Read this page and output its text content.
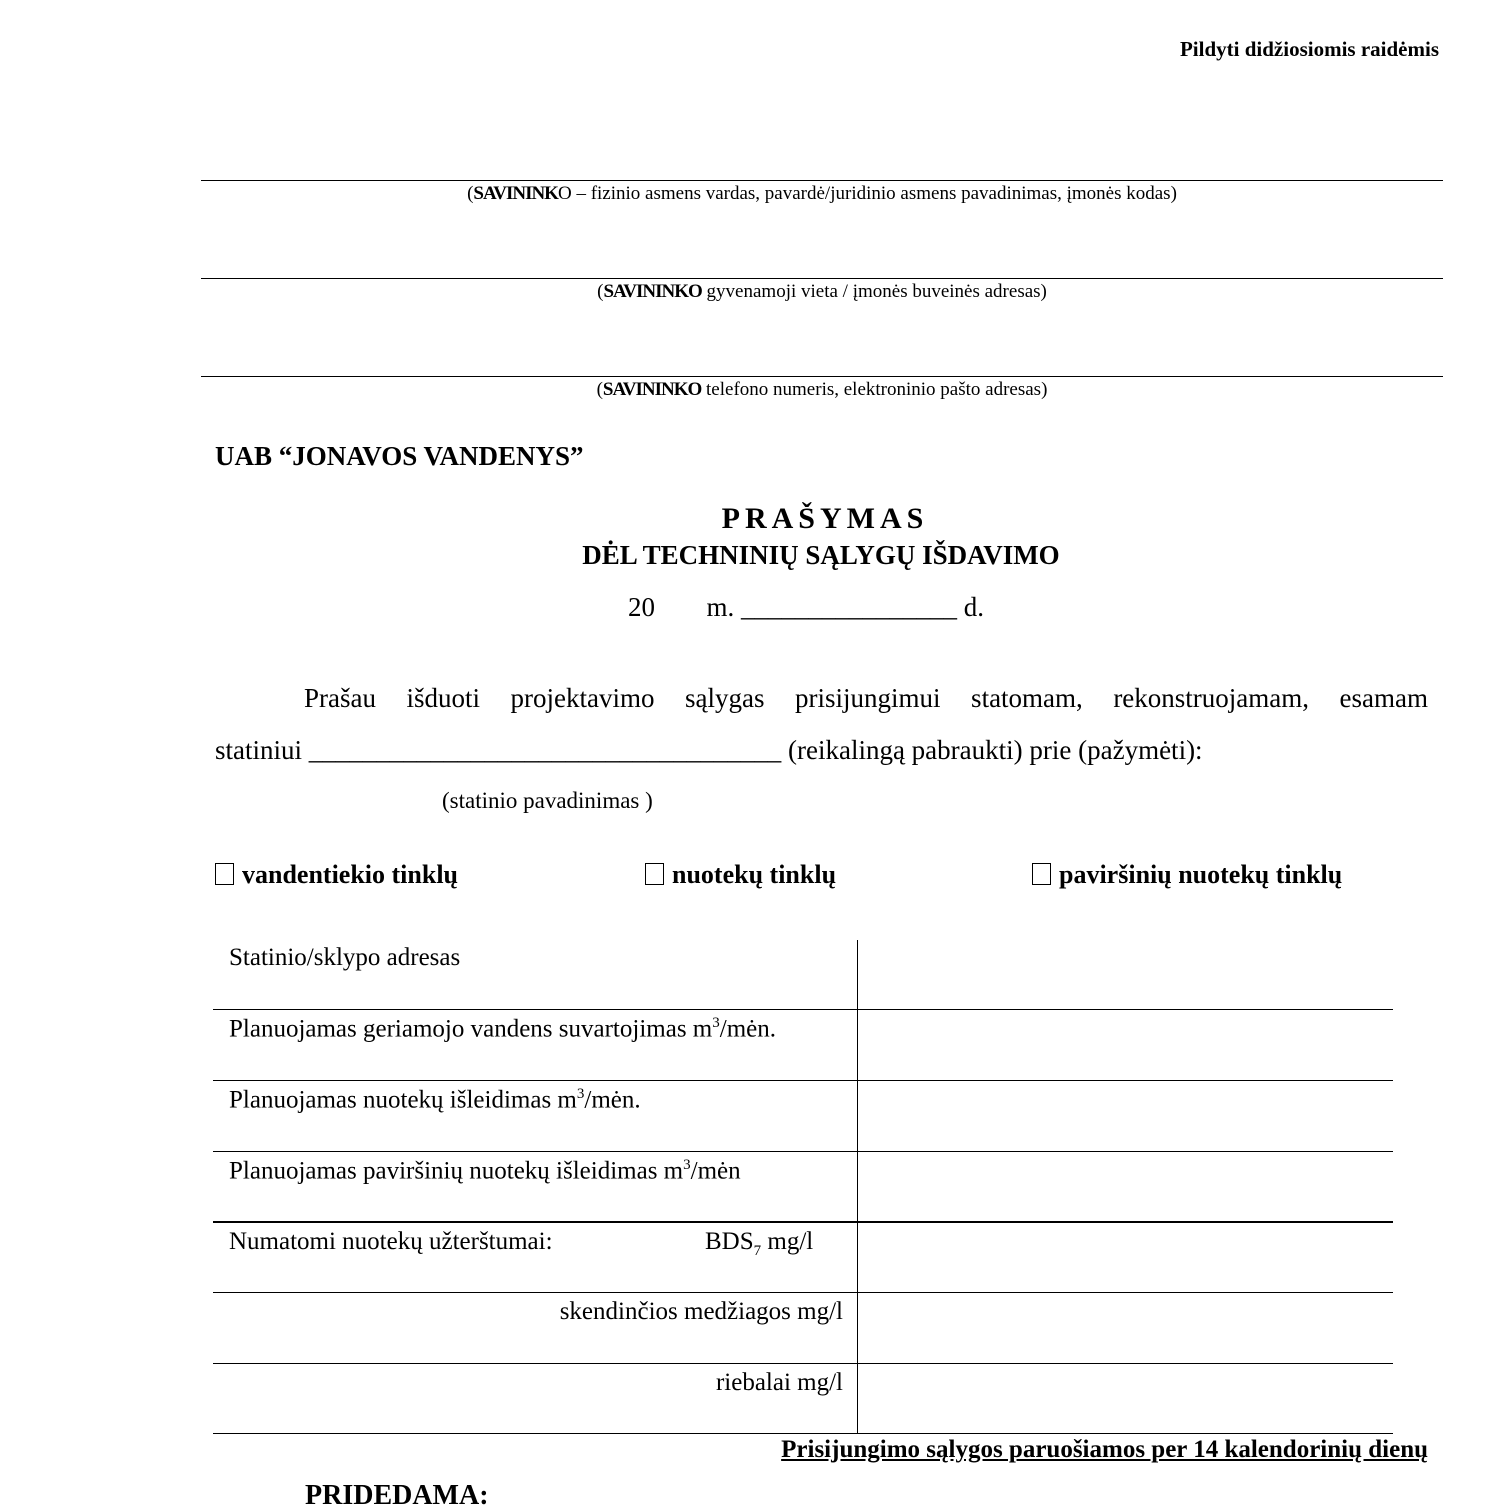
Pildyti didžiosiomis raidėmis
(SAVININKO – fizinio asmens vardas, pavardė/juridinio asmens pavadinimas, įmonės kodas)
(SAVININKO gyvenamoji vieta / įmonės buveinės adresas)
(SAVININKO telefono numeris, elektroninio pašto adresas)
UAB “JONAVOS VANDENYS”
PRAŠYMAS
DĖL TECHNINIŲ SĄLYGŲ IŠDAVIMO
20 m. ________________ d.
Prašau išduoti projektavimo sąlygas prisijungimui statomam, rekonstruojamam, esamam
statiniui ___________________________________ (reikalingą pabraukti) prie (pažymėti):
(statinio pavadinimas )
vandentiekio tinklų	nuotekų tinklų	paviršinių nuotekų tinklų
Statinio/sklypo adresas
Planuojamas geriamojo vandens suvartojimas $m^3$/mėn.
Planuojamas nuotekų išleidimas $m^3$/mėn.
Planuojamas paviršinių nuotekų išleidimas $m^3$/mėn
Numatomi nuotekų užterštumai:	$BDS_7$ mg/l
skendinčios medžiagos mg/l
riebalai mg/l
Prisijungimo sąlygos paruošiamos per 14 kalendorinių dienų
PRIDEDAMA:
